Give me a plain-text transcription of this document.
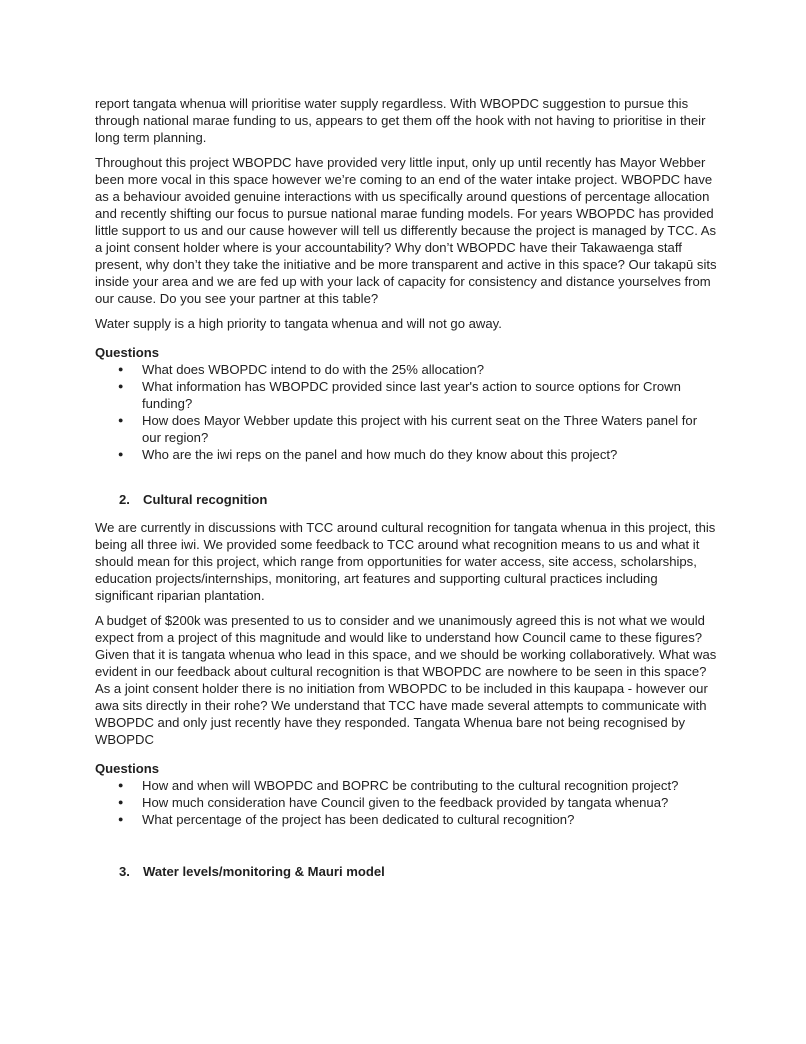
report tangata whenua will prioritise water supply regardless. With WBOPDC suggestion to pursue this through national marae funding to us, appears to get them off the hook with not having to prioritise in their long term planning.

Throughout this project WBOPDC have provided very little input, only up until recently has Mayor Webber been more vocal in this space however we’re coming to an end of the water intake project. WBOPDC have as a behaviour avoided genuine interactions with us specifically around questions of percentage allocation and recently shifting our focus to pursue national marae funding models. For years WBOPDC has provided little support to us and our cause however will tell us differently because the project is managed by TCC. As a joint consent holder where is your accountability? Why don’t WBOPDC have their Takawaenga staff present, why don’t they take the initiative and be more transparent and active in this space? Our takapū sits inside your area and we are fed up with your lack of capacity for consistency and distance yourselves from our cause. Do you see your partner at this table?

Water supply is a high priority to tangata whenua and will not go away.

Questions
● What does WBOPDC intend to do with the 25% allocation?
● What information has WBOPDC provided since last year's action to source options for Crown funding?
● How does Mayor Webber update this project with his current seat on the Three Waters panel for our region?
● Who are the iwi reps on the panel and how much do they know about this project?
2. Cultural recognition

We are currently in discussions with TCC around cultural recognition for tangata whenua in this project, this being all three iwi. We provided some feedback to TCC around what recognition means to us and what it should mean for this project, which range from opportunities for water access, site access, scholarships, education projects/internships, monitoring, art features and supporting cultural practices including significant riparian plantation.

A budget of $200k was presented to us to consider and we unanimously agreed this is not what we would expect from a project of this magnitude and would like to understand how Council came to these figures? Given that it is tangata whenua who lead in this space, and we should be working collaboratively. What was evident in our feedback about cultural recognition is that WBOPDC are nowhere to be seen in this space? As a joint consent holder there is no initiation from WBOPDC to be included in this kaupapa - however our awa sits directly in their rohe? We understand that TCC have made several attempts to communicate with WBOPDC and only just recently have they responded. Tangata Whenua bare not being recognised by WBOPDC

Questions
● How and when will WBOPDC and BOPRC be contributing to the cultural recognition project?
● How much consideration have Council given to the feedback provided by tangata whenua?
● What percentage of the project has been dedicated to cultural recognition?
3. Water levels/monitoring & Mauri model
